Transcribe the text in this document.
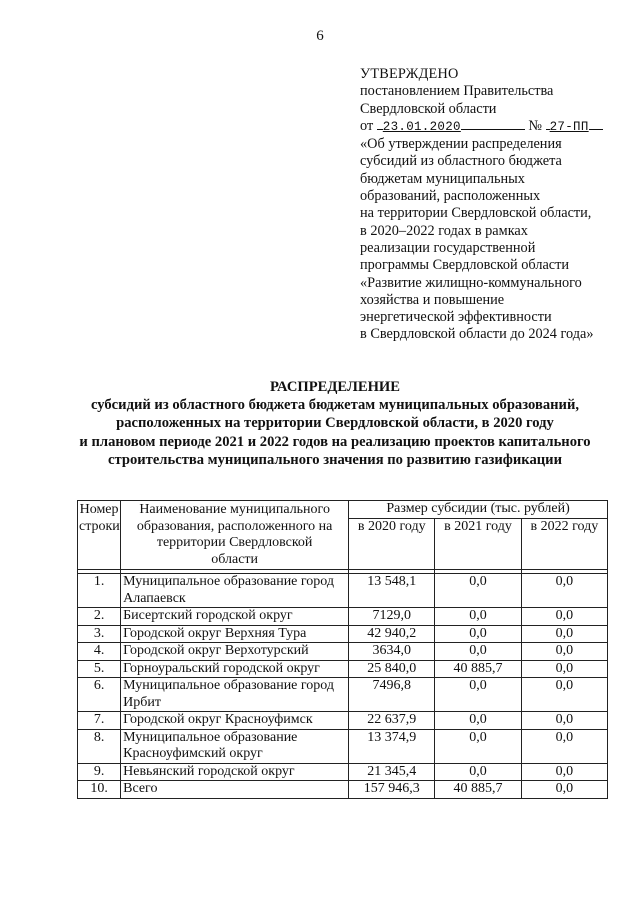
6
УТВЕРЖДЕНО
постановлением Правительства
Свердловской области
от 23.01.2020	№ 27-ПП
«Об утверждении распределения
субсидий из областного бюджета
бюджетам муниципальных
образований, расположенных
на территории Свердловской области,
в 2020–2022 годах в рамках
реализации государственной
программы Свердловской области
«Развитие жилищно-коммунального
хозяйства и повышение
энергетической эффективности
в Свердловской области до 2024 года»
РАСПРЕДЕЛЕНИЕ
субсидий из областного бюджета бюджетам муниципальных образований,
расположенных на территории Свердловской области, в 2020 году
и плановом периоде 2021 и 2022 годов на реализацию проектов капитального
строительства муниципального значения по развитию газификации
Номер строки	Наименование муниципального образования, расположенного на территории Свердловской области	Размер субсидии (тыс. рублей)		
		в 2020 году	в 2021 году	в 2022 году

1.	Муниципальное образование город Алапаевск	13 548,1	0,0	0,0
2.	Бисертский городской округ	7129,0	0,0	0,0
3.	Городской округ Верхняя Тура	42 940,2	0,0	0,0
4.	Городской округ Верхотурский	3634,0	0,0	0,0
5.	Горноуральский городской округ	25 840,0	40 885,7	0,0
6.	Муниципальное образование город Ирбит	7496,8	0,0	0,0
7.	Городской округ Красноуфимск	22 637,9	0,0	0,0
8.	Муниципальное образование Красноуфимский округ	13 374,9	0,0	0,0
9.	Невьянский городской округ	21 345,4	0,0	0,0
10.	Всего	157 946,3	40 885,7	0,0
